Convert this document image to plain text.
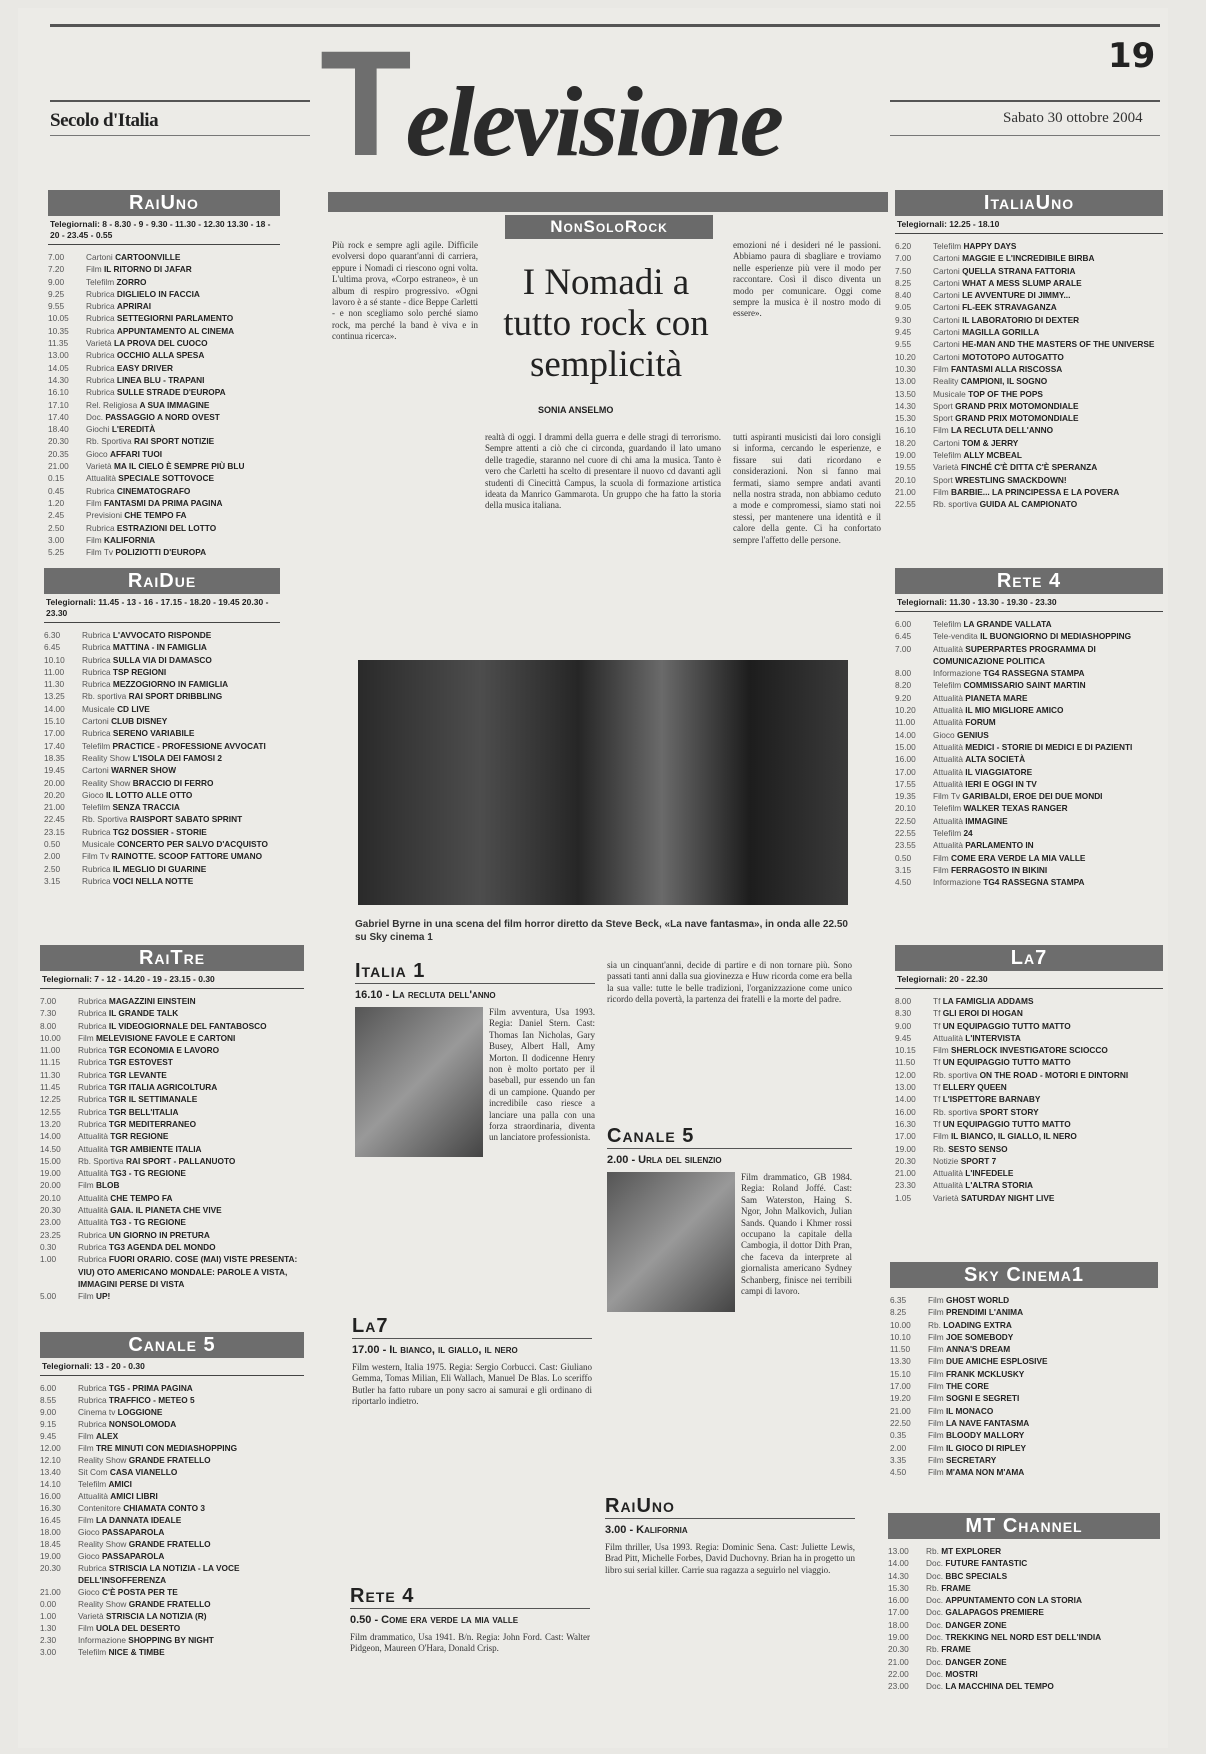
19
Secolo d'Italia	Sabato 30 ottobre 2004
Televisione
RaiUno
Telegiornali: 8 - 8.30 - 9 - 9.30 - 11.30 - 12.30 13.30 - 18 - 20 - 23.45 - 0.55
7.00	Cartoni CARTOONVILLE
7.20	Film IL RITORNO DI JAFAR
9.00	Telefilm ZORRO
9.25	Rubrica DIGLIELO IN FACCIA
9.55	Rubrica APRIRAI
10.05	Rubrica SETTEGIORNI PARLAMENTO
10.35	Rubrica APPUNTAMENTO AL CINEMA
11.35	Varietà LA PROVA DEL CUOCO
13.00	Rubrica OCCHIO ALLA SPESA
14.05	Rubrica EASY DRIVER
14.30	Rubrica LINEA BLU - TRAPANI
16.10	Rubrica SULLE STRADE D'EUROPA
17.10	Rel. Religiosa A SUA IMMAGINE
17.40	Doc. PASSAGGIO A NORD OVEST
18.40	Giochi L'EREDITÀ
20.30	Rb. Sportiva RAI SPORT NOTIZIE
20.35	Gioco AFFARI TUOI
21.00	Varietà MA IL CIELO È SEMPRE PIÙ BLU
0.15	Attualità SPECIALE SOTTOVOCE
0.45	Rubrica CINEMATOGRAFO
1.20	Film FANTASMI DA PRIMA PAGINA
2.45	Previsioni CHE TEMPO FA
2.50	Rubrica ESTRAZIONI DEL LOTTO
3.00	Film KALIFORNIA
5.25	Film Tv POLIZIOTTI D'EUROPA
RaiDue
Telegiornali: 11.45 - 13 - 16 - 17.15 - 18.20 - 19.45 20.30 - 23.30
6.30	Rubrica L'AVVOCATO RISPONDE
6.45	Rubrica MATTINA - IN FAMIGLIA
10.10	Rubrica SULLA VIA DI DAMASCO
11.00	Rubrica TSP REGIONI
11.30	Rubrica MEZZOGIORNO IN FAMIGLIA
13.25	Rb. sportiva RAI SPORT DRIBBLING
14.00	Musicale CD LIVE
15.10	Cartoni CLUB DISNEY
17.00	Rubrica SERENO VARIABILE
17.40	Telefilm PRACTICE - PROFESSIONE AVVOCATI
18.35	Reality Show L'ISOLA DEI FAMOSI 2
19.45	Cartoni WARNER SHOW
20.00	Reality Show BRACCIO DI FERRO
20.20	Gioco IL LOTTO ALLE OTTO
21.00	Telefilm SENZA TRACCIA
22.45	Rb. Sportiva RAISPORT SABATO SPRINT
23.15	Rubrica TG2 DOSSIER - STORIE
0.50	Musicale CONCERTO PER SALVO D'ACQUISTO
2.00	Film Tv RAINOTTE. SCOOP FATTORE UMANO
2.50	Rubrica IL MEGLIO DI GUARINE
3.15	Rubrica VOCI NELLA NOTTE
RaiTre
Telegiornali: 7 - 12 - 14.20 - 19 - 23.15 - 0.30
7.00	Rubrica MAGAZZINI EINSTEIN
7.30	Rubrica IL GRANDE TALK
8.00	Rubrica IL VIDEOGIORNALE DEL FANTABOSCO
10.00	Film MELEVISIONE FAVOLE E CARTONI
11.00	Rubrica TGR ECONOMIA E LAVORO
11.15	Rubrica TGR ESTOVEST
11.30	Rubrica TGR LEVANTE
11.45	Rubrica TGR ITALIA AGRICOLTURA
12.25	Rubrica TGR IL SETTIMANALE
12.55	Rubrica TGR BELL'ITALIA
13.20	Rubrica TGR MEDITERRANEO
14.00	Attualità TGR REGIONE
14.50	Attualità TGR AMBIENTE ITALIA
15.00	Rb. Sportiva RAI SPORT - PALLANUOTO
19.00	Attualità TG3 - TG REGIONE
20.00	Film BLOB
20.10	Attualità CHE TEMPO FA
20.30	Attualità GAIA. IL PIANETA CHE VIVE
23.00	Attualità TG3 - TG REGIONE
23.25	Rubrica UN GIORNO IN PRETURA
0.30	Rubrica TG3 AGENDA DEL MONDO
1.00	Rubrica FUORI ORARIO. COSE (MAI) VISTE PRESENTA: VIU) OTO AMERICANO MONDALE: PAROLE A VISTA, IMMAGINI PERSE DI VISTA
5.00	Film UP!
Canale 5
Telegiornali: 13 - 20 - 0.30
6.00	Rubrica TG5 - PRIMA PAGINA
8.55	Rubrica TRAFFICO - METEO 5
9.00	Cinema tv LOGGIONE
9.15	Rubrica NONSOLOMODA
9.45	Film ALEX
12.00	Film TRE MINUTI CON MEDIASHOPPING
12.10	Reality Show GRANDE FRATELLO
13.40	Sit Com CASA VIANELLO
14.10	Telefilm AMICI
16.00	Attualità AMICI LIBRI
16.30	Contenitore CHIAMATA CONTO 3
16.45	Film LA DANNATA IDEALE
18.00	Gioco PASSAPAROLA
18.45	Reality Show GRANDE FRATELLO
19.00	Gioco PASSAPAROLA
20.30	Rubrica STRISCIA LA NOTIZIA - LA VOCE DELL'INSOFFERENZA
21.00	Gioco C'È POSTA PER TE
0.00	Reality Show GRANDE FRATELLO
1.00	Varietà STRISCIA LA NOTIZIA (R)
1.30	Film UOLA DEL DESERTO
2.30	Informazione SHOPPING BY NIGHT
3.00	Telefilm NICE & TIMBE
ItaliaUno
Telegiornali: 12.25 - 18.10
6.20	Telefilm HAPPY DAYS
7.00	Cartoni MAGGIE E L'INCREDIBILE BIRBA
7.50	Cartoni QUELLA STRANA FATTORIA
8.25	Cartoni WHAT A MESS SLUMP ARALE
8.40	Cartoni LE AVVENTURE DI JIMMY...
9.05	Cartoni FL-EEK STRAVAGANZA
9.30	Cartoni IL LABORATORIO DI DEXTER
9.45	Cartoni MAGILLA GORILLA
9.55	Cartoni HE-MAN AND THE MASTERS OF THE UNIVERSE
10.20	Cartoni MOTOTOPO AUTOGATTO
10.30	Film FANTASMI ALLA RISCOSSA
13.00	Reality CAMPIONI, IL SOGNO
13.50	Musicale TOP OF THE POPS
14.30	Sport GRAND PRIX MOTOMONDIALE
15.30	Sport GRAND PRIX MOTOMONDIALE
16.10	Film LA RECLUTA DELL'ANNO
18.20	Cartoni TOM & JERRY
19.00	Telefilm ALLY MCBEAL
19.55	Varietà FINCHÉ C'È DITTA C'È SPERANZA
20.10	Sport WRESTLING SMACKDOWN!
21.00	Film BARBIE... LA PRINCIPESSA E LA POVERA
22.55	Rb. sportiva GUIDA AL CAMPIONATO
Rete 4
Telegiornali: 11.30 - 13.30 - 19.30 - 23.30
6.00	Telefilm LA GRANDE VALLATA
6.45	Tele-vendita IL BUONGIORNO DI MEDIASHOPPING
7.00	Attualità SUPERPARTES PROGRAMMA DI COMUNICAZIONE POLITICA
8.00	Informazione TG4 RASSEGNA STAMPA
8.20	Telefilm COMMISSARIO SAINT MARTIN
9.20	Attualità PIANETA MARE
10.20	Attualità IL MIO MIGLIORE AMICO
11.00	Attualità FORUM
14.00	Gioco GENIUS
15.00	Attualità MEDICI - STORIE DI MEDICI E DI PAZIENTI
16.00	Attualità ALTA SOCIETÀ
17.00	Attualità IL VIAGGIATORE
17.55	Attualità IERI E OGGI IN TV
19.35	Film Tv GARIBALDI, EROE DEI DUE MONDI
20.10	Telefilm WALKER TEXAS RANGER
22.50	Attualità IMMAGINE
22.55	Telefilm 24
23.55	Attualità PARLAMENTO IN
0.50	Film COME ERA VERDE LA MIA VALLE
3.15	Film FERRAGOSTO IN BIKINI
4.50	Informazione TG4 RASSEGNA STAMPA
La7
Telegiornali: 20 - 22.30
8.00	Tf LA FAMIGLIA ADDAMS
8.30	Tf GLI EROI DI HOGAN
9.00	Tf UN EQUIPAGGIO TUTTO MATTO
9.45	Attualità L'INTERVISTA
10.15	Film SHERLOCK INVESTIGATORE SCIOCCO
11.50	Tf UN EQUIPAGGIO TUTTO MATTO
12.00	Rb. sportiva ON THE ROAD - MOTORI E DINTORNI
13.00	Tf ELLERY QUEEN
14.00	Tf L'ISPETTORE BARNABY
16.00	Rb. sportiva SPORT STORY
16.30	Tf UN EQUIPAGGIO TUTTO MATTO
17.00	Film IL BIANCO, IL GIALLO, IL NERO
19.00	Rb. SESTO SENSO
20.30	Notizie SPORT 7
21.00	Attualità L'INFEDELE
23.30	Attualità L'ALTRA STORIA
1.05	Varietà SATURDAY NIGHT LIVE
Sky Cinema1
6.35	Film GHOST WORLD
8.25	Film PRENDIMI L'ANIMA
10.00	Rb. LOADING EXTRA
10.10	Film JOE SOMEBODY
11.50	Film ANNA'S DREAM
13.30	Film DUE AMICHE ESPLOSIVE
15.10	Film FRANK MCKLUSKY
17.00	Film THE CORE
19.20	Film SOGNI E SEGRETI
21.00	Film IL MONACO
22.50	Film LA NAVE FANTASMA
0.35	Film BLOODY MALLORY
2.00	Film IL GIOCO DI RIPLEY
3.35	Film SECRETARY
4.50	Film M'AMA NON M'AMA
MT Channel
13.00	Rb. MT EXPLORER
14.00	Doc. FUTURE FANTASTIC
14.30	Doc. BBC SPECIALS
15.30	Rb. FRAME
16.00	Doc. APPUNTAMENTO CON LA STORIA
17.00	Doc. GALAPAGOS PREMIERE
18.00	Doc. DANGER ZONE
19.00	Doc. TREKKING NEL NORD EST DELL'INDIA
20.30	Rb. FRAME
21.00	Doc. DANGER ZONE
22.00	Doc. MOSTRI
23.00	Doc. LA MACCHINA DEL TEMPO
NonSoloRock
Più rock e sempre agli agile. Difficile evolversi dopo quarant'anni di carriera, eppure i Nomadi ci riescono ogni volta. L'ultima prova, «Corpo estraneo», è un album di respiro progressivo. «Ogni lavoro è a sé stante - dice Beppe Carletti - e non scegliamo solo perché siamo rock, ma perché la band è viva e in continua ricerca».
I Nomadi a tutto rock con semplicità
SONIA ANSELMO
realtà di oggi. I drammi della guerra e delle stragi di terrorismo. Sempre attenti a ciò che ci circonda, guardando il lato umano delle tragedie, staranno nel cuore di chi ama la musica. Tanto è vero che Carletti ha scelto di presentare il nuovo cd davanti agli studenti di Cinecittà Campus, la scuola di formazione artistica ideata da Manrico Gammarota. Un gruppo che ha fatto la storia della musica italiana.
tutti aspiranti musicisti dai loro consigli si informa, cercando le esperienze, e fissare sui dati ricordano e considerazioni. Non si fanno mai fermati, siamo sempre andati avanti nella nostra strada, non abbiamo ceduto a mode e compromessi, siamo stati noi stessi, per mantenere una identità e il calore della gente. Ci ha confortato sempre l'affetto delle persone.
emozioni né i desideri né le passioni. Abbiamo paura di sbagliare e troviamo nelle esperienze più vere il modo per raccontare. Così il disco diventa un modo per comunicare. Oggi come sempre la musica è il nostro modo di essere».
Gabriel Byrne in una scena del film horror diretto da Steve Beck, «La nave fantasma», in onda alle 22.50 su Sky cinema 1
Italia 1
16.10 - La recluta dell'anno
Film avventura, Usa 1993. Regia: Daniel Stern. Cast: Thomas Ian Nicholas, Gary Busey, Albert Hall, Amy Morton. Il dodicenne Henry non è molto portato per il baseball, pur essendo un fan di un campione. Quando per incredibile caso riesce a lanciare una palla con una forza straordinaria, diventa un lanciatore professionista.
sia un cinquant'anni, decide di partire e di non tornare più. Sono passati tanti anni dalla sua giovinezza e Huw ricorda come era bella la sua valle: tutte le belle tradizioni, l'organizzazione come unico ricordo della povertà, la partenza dei fratelli e la morte del padre.
La7
17.00 - Il bianco, il giallo, il nero
Film western, Italia 1975. Regia: Sergio Corbucci. Cast: Giuliano Gemma, Tomas Milian, Eli Wallach, Manuel De Blas. Lo sceriffo Butler ha fatto rubare un pony sacro ai samurai e gli ordinano di riportarlo indietro.
Rete 4
0.50 - Come era verde la mia valle
Film drammatico, Usa 1941. B/n. Regia: John Ford. Cast: Walter Pidgeon, Maureen O'Hara, Donald Crisp.
Canale 5
2.00 - Urla del silenzio
Film drammatico, GB 1984. Regia: Roland Joffé. Cast: Sam Waterston, Haing S. Ngor, John Malkovich, Julian Sands. Quando i Khmer rossi occupano la capitale della Cambogia, il dottor Dith Pran, che faceva da interprete al giornalista americano Sydney Schanberg, finisce nei terribili campi di lavoro.
RaiUno
3.00 - Kalifornia
Film thriller, Usa 1993. Regia: Dominic Sena. Cast: Juliette Lewis, Brad Pitt, Michelle Forbes, David Duchovny. Brian ha in progetto un libro sui serial killer. Carrie sua ragazza a seguirlo nel viaggio.
